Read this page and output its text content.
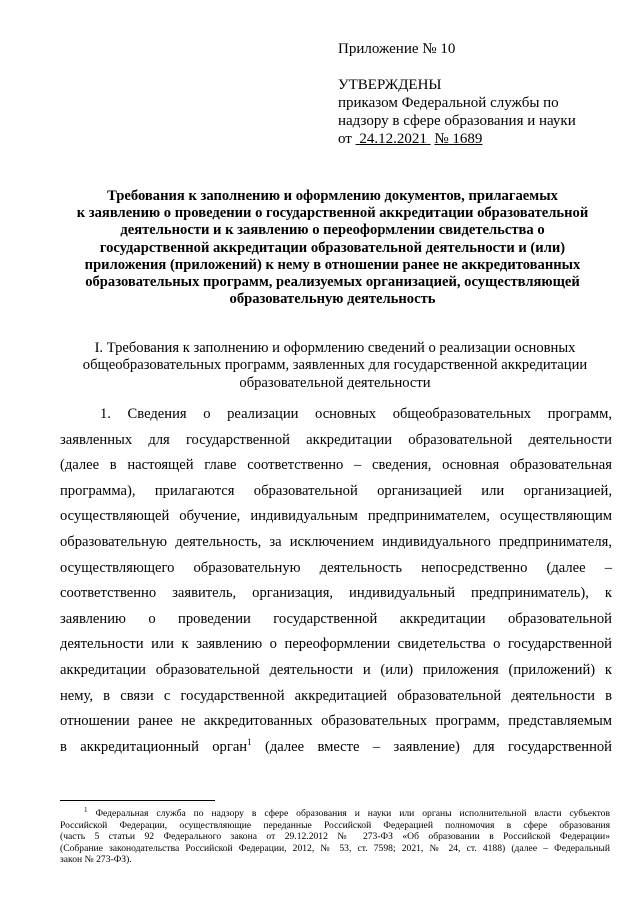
Приложение № 10
УТВЕРЖДЕНЫ
приказом Федеральной службы по
надзору в сфере образования и науки
от 24.12.2021 № 1689
Требования к заполнению и оформлению документов, прилагаемых
к заявлению о проведении о государственной аккредитации образовательной
деятельности и к заявлению о переоформлении свидетельства о
государственной аккредитации образовательной деятельности и (или)
приложения (приложений) к нему в отношении ранее не аккредитованных
образовательных программ, реализуемых организацией, осуществляющей
образовательную деятельность
I. Требования к заполнению и оформлению сведений о реализации основных
общеобразовательных программ, заявленных для государственной аккредитации
образовательной деятельности
1. Сведения о реализации основных общеобразовательных программ,
заявленных для государственной аккредитации образовательной деятельности
(далее в настоящей главе соответственно – сведения, основная образовательная
программа), прилагаются образовательной организацией или организацией,
осуществляющей обучение, индивидуальным предпринимателем, осуществляющим
образовательную деятельность, за исключением индивидуального предпринимателя,
осуществляющего образовательную деятельность непосредственно (далее –
соответственно заявитель, организация, индивидуальный предприниматель), к
заявлению о проведении государственной аккредитации образовательной
деятельности или к заявлению о переоформлении свидетельства о государственной
аккредитации образовательной деятельности и (или) приложения (приложений) к
нему, в связи с государственной аккредитацией образовательной деятельности в
отношении ранее не аккредитованных образовательных программ, представляемым
в аккредитационный орган$^1$ (далее вместе – заявление) для государственной
$^1$ Федеральная служба по надзору в сфере образования и науки или органы исполнительной власти субъектов
Российской Федерации, осуществляющие переданные Российской Федерацией полномочия в сфере образования
(часть 5 статьи 92 Федерального закона от 29.12.2012 № 273-ФЗ «Об образовании в Российской Федерации»
(Собрание законодательства Российской Федерации, 2012, № 53, ст. 7598; 2021, № 24, ст. 4188) (далее – Федеральный
закон № 273-ФЗ).
